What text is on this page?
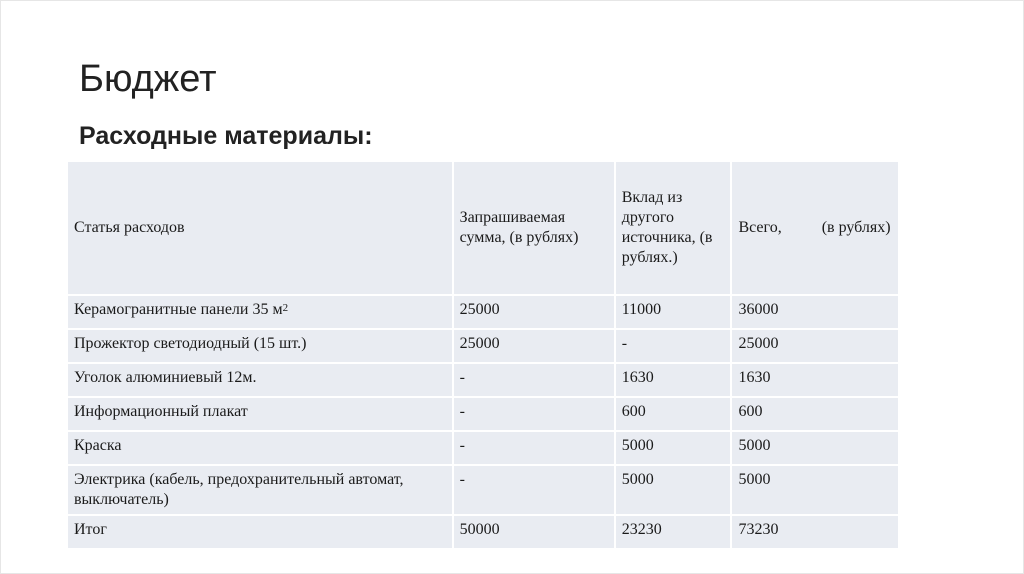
Бюджет
Расходные материалы:
Статья расходов	Запрашиваемая сумма, (в рублях)	Вклад из другого источника, (в рублях.)	Всего,          (в рублях)

Керамогранитные панели 35 $м^2$	25000	11000	36000
Прожектор светодиодный (15 шт.)	25000	-	25000
Уголок алюминиевый 12м.	-	1630	1630
Информационный плакат	-	600	600
Краска	-	5000	5000
Электрика (кабель, предохранительный автомат, выключатель)	-	5000	5000
Итог	50000	23230	73230
